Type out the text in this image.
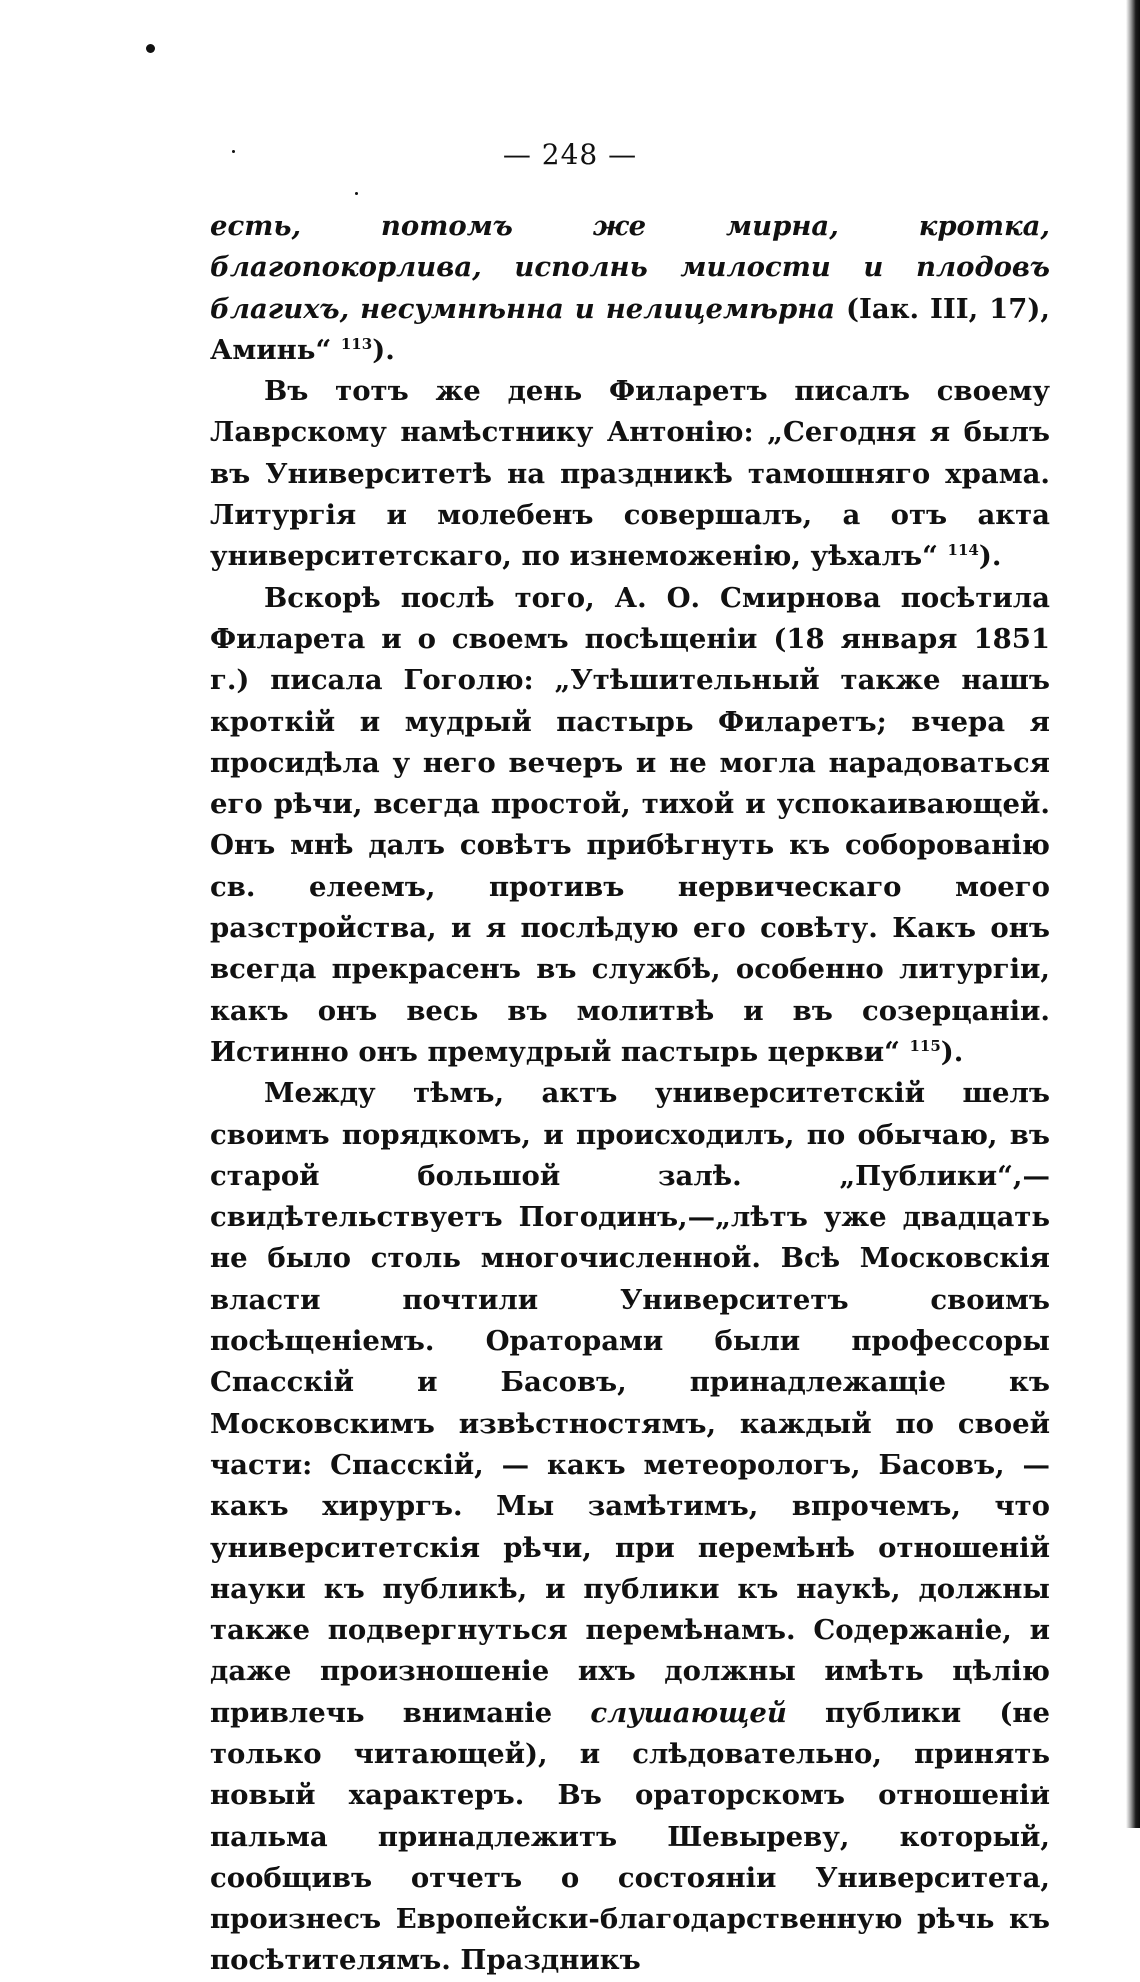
— 248 —

есть, потомъ же мирна, кротка, благопокорлива, исполнь милости и плодовъ благихъ, несумнѣнна и нелицемѣрна (Іак. III, 17), Аминь“ $^{113}$).

Въ тотъ же день Филаретъ писалъ своему Лаврскому намѣстнику Антонію: „Сегодня я былъ въ Университетѣ на праздникѣ тамошняго храма. Литургія и молебенъ совершалъ, а отъ акта университетскаго, по изнеможенію, уѣхалъ“ $^{114}$).

Вскорѣ послѣ того, А. О. Смирнова посѣтила Филарета и о своемъ посѣщеніи (18 января 1851 г.) писала Гоголю: „Утѣшительный также нашъ кроткій и мудрый пастырь Филаретъ; вчера я просидѣла у него вечеръ и не могла нарадоваться его рѣчи, всегда простой, тихой и успокаивающей. Онъ мнѣ далъ совѣтъ прибѣгнуть къ соборованію св. елеемъ, противъ нервическаго моего разстройства, и я послѣдую его совѣту. Какъ онъ всегда прекрасенъ въ службѣ, особенно литургіи, какъ онъ весь въ молитвѣ и въ созерцаніи. Истинно онъ премудрый пастырь церкви“ $^{115}$).

Между тѣмъ, актъ университетскій шелъ своимъ порядкомъ, и происходилъ, по обычаю, въ старой большой залѣ. „Публики“,—свидѣтельствуетъ Погодинъ,—„лѣтъ уже двадцать не было столь многочисленной. Всѣ Московскія власти почтили Университетъ своимъ посѣщеніемъ. Ораторами были профессоры Спасскій и Басовъ, принадлежащіе къ Московскимъ извѣстностямъ, каждый по своей части: Спасскій, — какъ метеорологъ, Басовъ, — какъ хирургъ. Мы замѣтимъ, впрочемъ, что университетскія рѣчи, при перемѣнѣ отношеній науки къ публикѣ, и публики къ наукѣ, должны также подвергнуться перемѣнамъ. Содержаніе, и даже произношеніе ихъ должны имѣть цѣлію привлечь вниманіе слушающей публики (не только читающей), и слѣдовательно, принять новый характеръ. Въ ораторскомъ отношеніи пальма принадлежитъ Шевыреву, который, сообщивъ отчетъ о состояніи Университета, произнесъ Европейски-благодарственную рѣчь къ посѣтителямъ. Праздникъ
